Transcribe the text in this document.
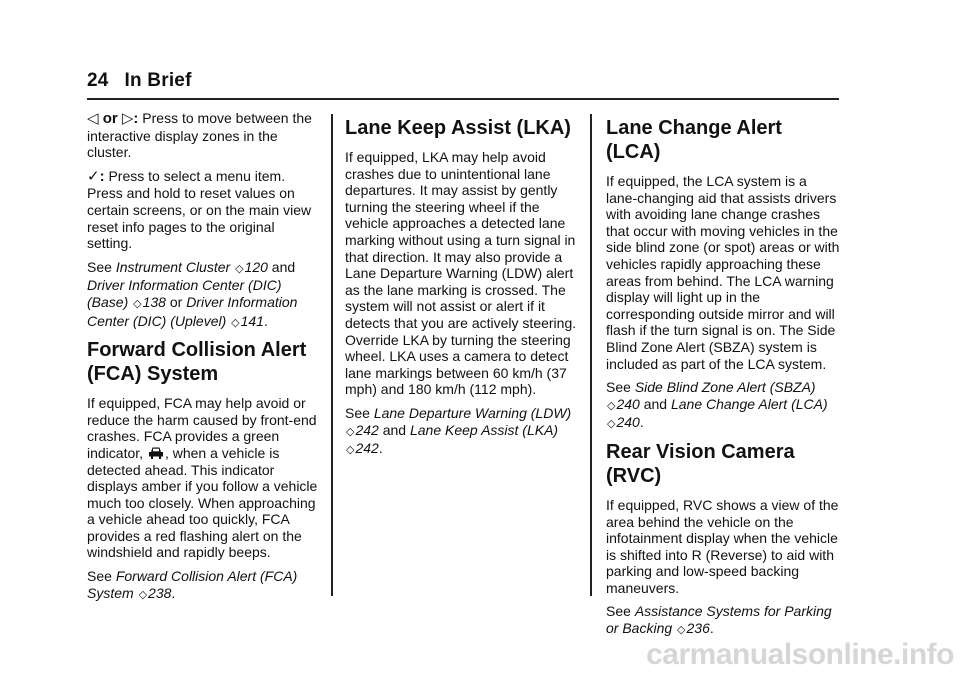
24 In Brief

◁ or ▷: Press to move between the interactive display zones in the cluster.

✓: Press to select a menu item. Press and hold to reset values on certain screens, or on the main view reset info pages to the original setting.

See Instrument Cluster ◇120 and Driver Information Center (DIC) (Base) ◇138 or Driver Information Center (DIC) (Uplevel) ◇141.

Forward Collision Alert (FCA) System

If equipped, FCA may help avoid or reduce the harm caused by front-end crashes. FCA provides a green indicator, , when a vehicle is detected ahead. This indicator displays amber if you follow a vehicle much too closely. When approaching a vehicle ahead too quickly, FCA provides a red flashing alert on the windshield and rapidly beeps.

See Forward Collision Alert (FCA) System ◇238.

Lane Keep Assist (LKA)

If equipped, LKA may help avoid crashes due to unintentional lane departures. It may assist by gently turning the steering wheel if the vehicle approaches a detected lane marking without using a turn signal in that direction. It may also provide a Lane Departure Warning (LDW) alert as the lane marking is crossed. The system will not assist or alert if it detects that you are actively steering. Override LKA by turning the steering wheel. LKA uses a camera to detect lane markings between 60 km/h (37 mph) and 180 km/h (112 mph).

See Lane Departure Warning (LDW) ◇242 and Lane Keep Assist (LKA) ◇242.

Lane Change Alert (LCA)

If equipped, the LCA system is a lane-changing aid that assists drivers with avoiding lane change crashes that occur with moving vehicles in the side blind zone (or spot) areas or with vehicles rapidly approaching these areas from behind. The LCA warning display will light up in the corresponding outside mirror and will flash if the turn signal is on. The Side Blind Zone Alert (SBZA) system is included as part of the LCA system.

See Side Blind Zone Alert (SBZA) ◇240 and Lane Change Alert (LCA) ◇240.

Rear Vision Camera (RVC)

If equipped, RVC shows a view of the area behind the vehicle on the infotainment display when the vehicle is shifted into R (Reverse) to aid with parking and low-speed backing maneuvers.

See Assistance Systems for Parking or Backing ◇236.

carmanualsonline.info
